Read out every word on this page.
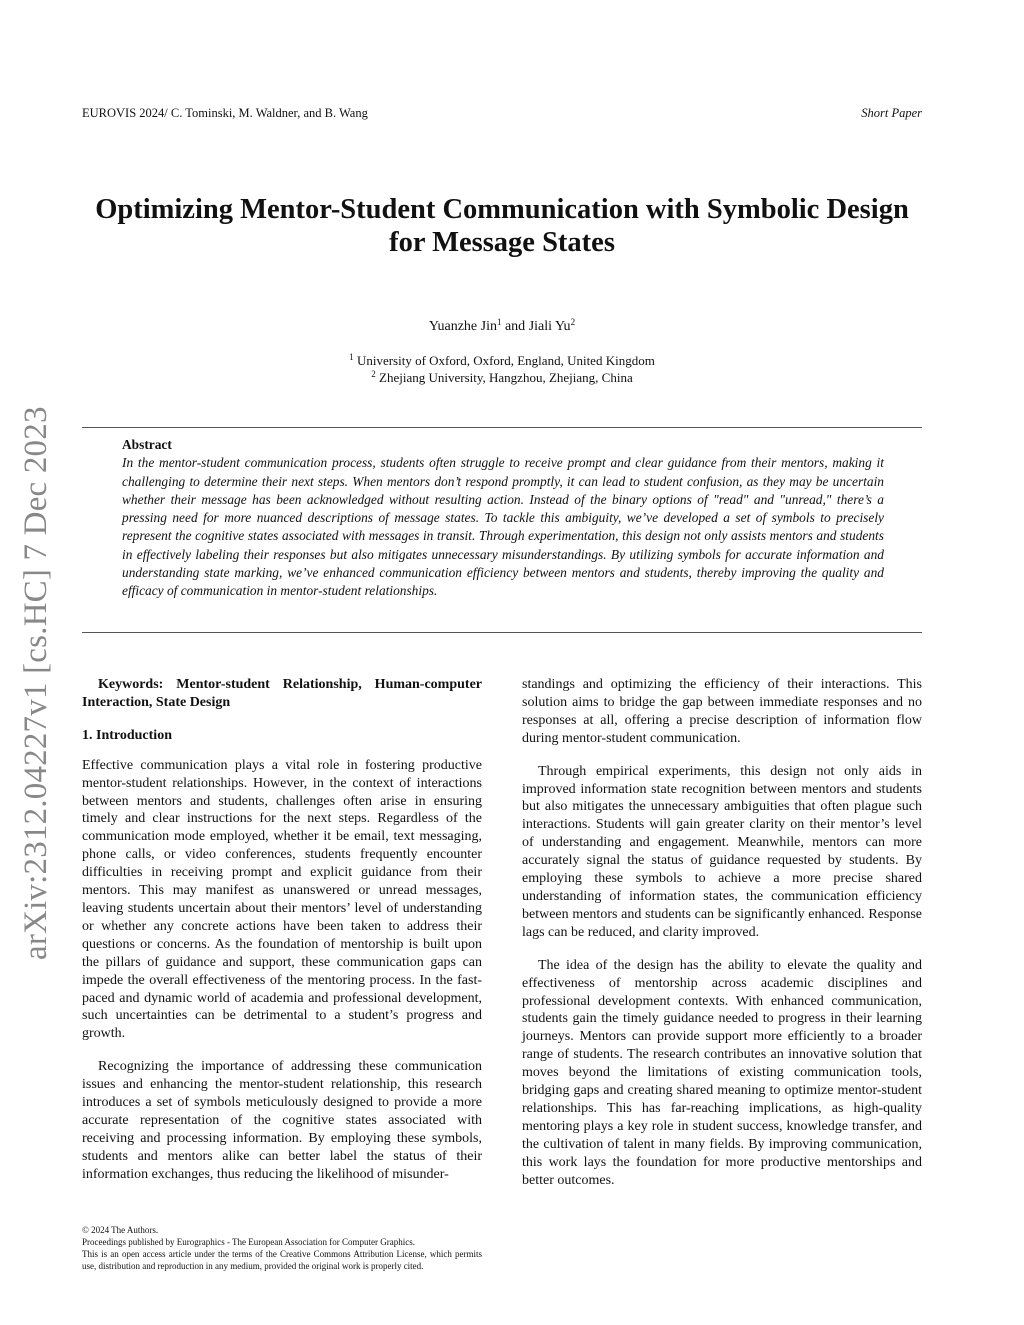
EUROVIS 2024/ C. Tominski, M. Waldner, and B. Wang	Short Paper
arXiv:2312.04227v1 [cs.HC] 7 Dec 2023
Optimizing Mentor-Student Communication with Symbolic Design
for Message States
Yuanzhe Jin$^1$ and Jiali Yu$^2$
$^1$ University of Oxford, Oxford, England, United Kingdom
$^2$ Zhejiang University, Hangzhou, Zhejiang, China
Abstract
In the mentor-student communication process, students often struggle to receive prompt and clear guidance from their mentors, making it challenging to determine their next steps. When mentors don’t respond promptly, it can lead to student confusion, as they may be uncertain whether their message has been acknowledged without resulting action. Instead of the binary options of "read" and "unread," there’s a pressing need for more nuanced descriptions of message states. To tackle this ambiguity, we’ve developed a set of symbols to precisely represent the cognitive states associated with messages in transit. Through experimentation, this design not only assists mentors and students in effectively labeling their responses but also mitigates unnecessary misunderstandings. By utilizing symbols for accurate information and understanding state marking, we’ve enhanced communication efficiency between mentors and students, thereby improving the quality and efficacy of communication in mentor-student relationships.

Keywords: Mentor-student Relationship, Human-computer Interaction, State Design

1. Introduction

Effective communication plays a vital role in fostering productive mentor-student relationships. However, in the context of interactions between mentors and students, challenges often arise in ensuring timely and clear instructions for the next steps. Regardless of the communication mode employed, whether it be email, text messaging, phone calls, or video conferences, students frequently encounter difficulties in receiving prompt and explicit guidance from their mentors. This may manifest as unanswered or unread messages, leaving students uncertain about their mentors’ level of understanding or whether any concrete actions have been taken to address their questions or concerns. As the foundation of mentorship is built upon the pillars of guidance and support, these communication gaps can impede the overall effectiveness of the mentoring process. In the fast-paced and dynamic world of academia and professional development, such uncertainties can be detrimental to a student’s progress and growth.

Recognizing the importance of addressing these communication issues and enhancing the mentor-student relationship, this research introduces a set of symbols meticulously designed to provide a more accurate representation of the cognitive states associated with receiving and processing information. By employing these symbols, students and mentors alike can better label the status of their information exchanges, thus reducing the likelihood of misunder-

standings and optimizing the efficiency of their interactions. This solution aims to bridge the gap between immediate responses and no responses at all, offering a precise description of information flow during mentor-student communication.

Through empirical experiments, this design not only aids in improved information state recognition between mentors and students but also mitigates the unnecessary ambiguities that often plague such interactions. Students will gain greater clarity on their mentor’s level of understanding and engagement. Meanwhile, mentors can more accurately signal the status of guidance requested by students. By employing these symbols to achieve a more precise shared understanding of information states, the communication efficiency between mentors and students can be significantly enhanced. Response lags can be reduced, and clarity improved.

The idea of the design has the ability to elevate the quality and effectiveness of mentorship across academic disciplines and professional development contexts. With enhanced communication, students gain the timely guidance needed to progress in their learning journeys. Mentors can provide support more efficiently to a broader range of students. The research contributes an innovative solution that moves beyond the limitations of existing communication tools, bridging gaps and creating shared meaning to optimize mentor-student relationships. This has far-reaching implications, as high-quality mentoring plays a key role in student success, knowledge transfer, and the cultivation of talent in many fields. By improving communication, this work lays the foundation for more productive mentorships and better outcomes.

© 2024 The Authors.
Proceedings published by Eurographics - The European Association for Computer Graphics.
This is an open access article under the terms of the Creative Commons Attribution License, which permits use, distribution and reproduction in any medium, provided the original work is properly cited.
